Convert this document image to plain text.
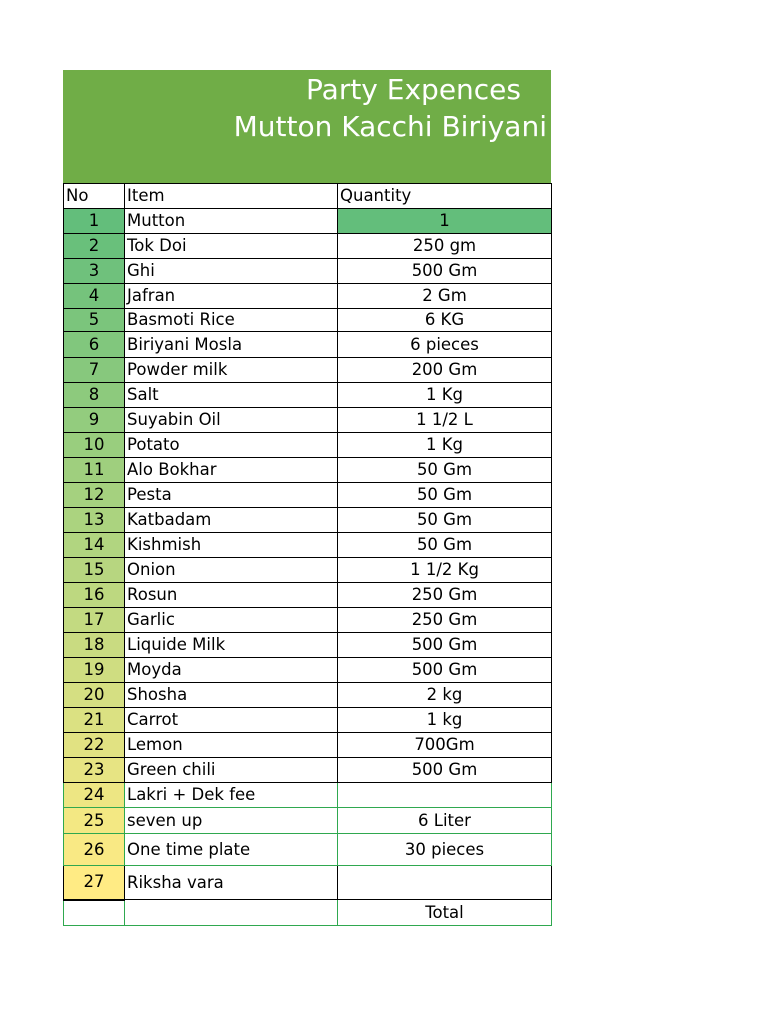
Party Expences
Mutton Kacchi Biriyani
No	Item	Quantity
1	Mutton	1
2	Tok Doi	250 gm
3	Ghi	500 Gm
4	Jafran	2 Gm
5	Basmoti Rice	6 KG
6	Biriyani Mosla	6 pieces
7	Powder milk	200 Gm
8	Salt	1 Kg
9	Suyabin Oil	1 1/2 L
10	Potato	1 Kg
11	Alo Bokhar	50 Gm
12	Pesta	50 Gm
13	Katbadam	50 Gm
14	Kishmish	50 Gm
15	Onion	1 1/2 Kg
16	Rosun	250 Gm
17	Garlic	250 Gm
18	Liquide Milk	500 Gm
19	Moyda	500 Gm
20	Shosha	2 kg
21	Carrot	1 kg
22	Lemon	700Gm
23	Green chili	500 Gm
24	Lakri + Dek fee	
25	seven up	6 Liter
26	One time plate	30 pieces
27	Riksha vara	
		Total
